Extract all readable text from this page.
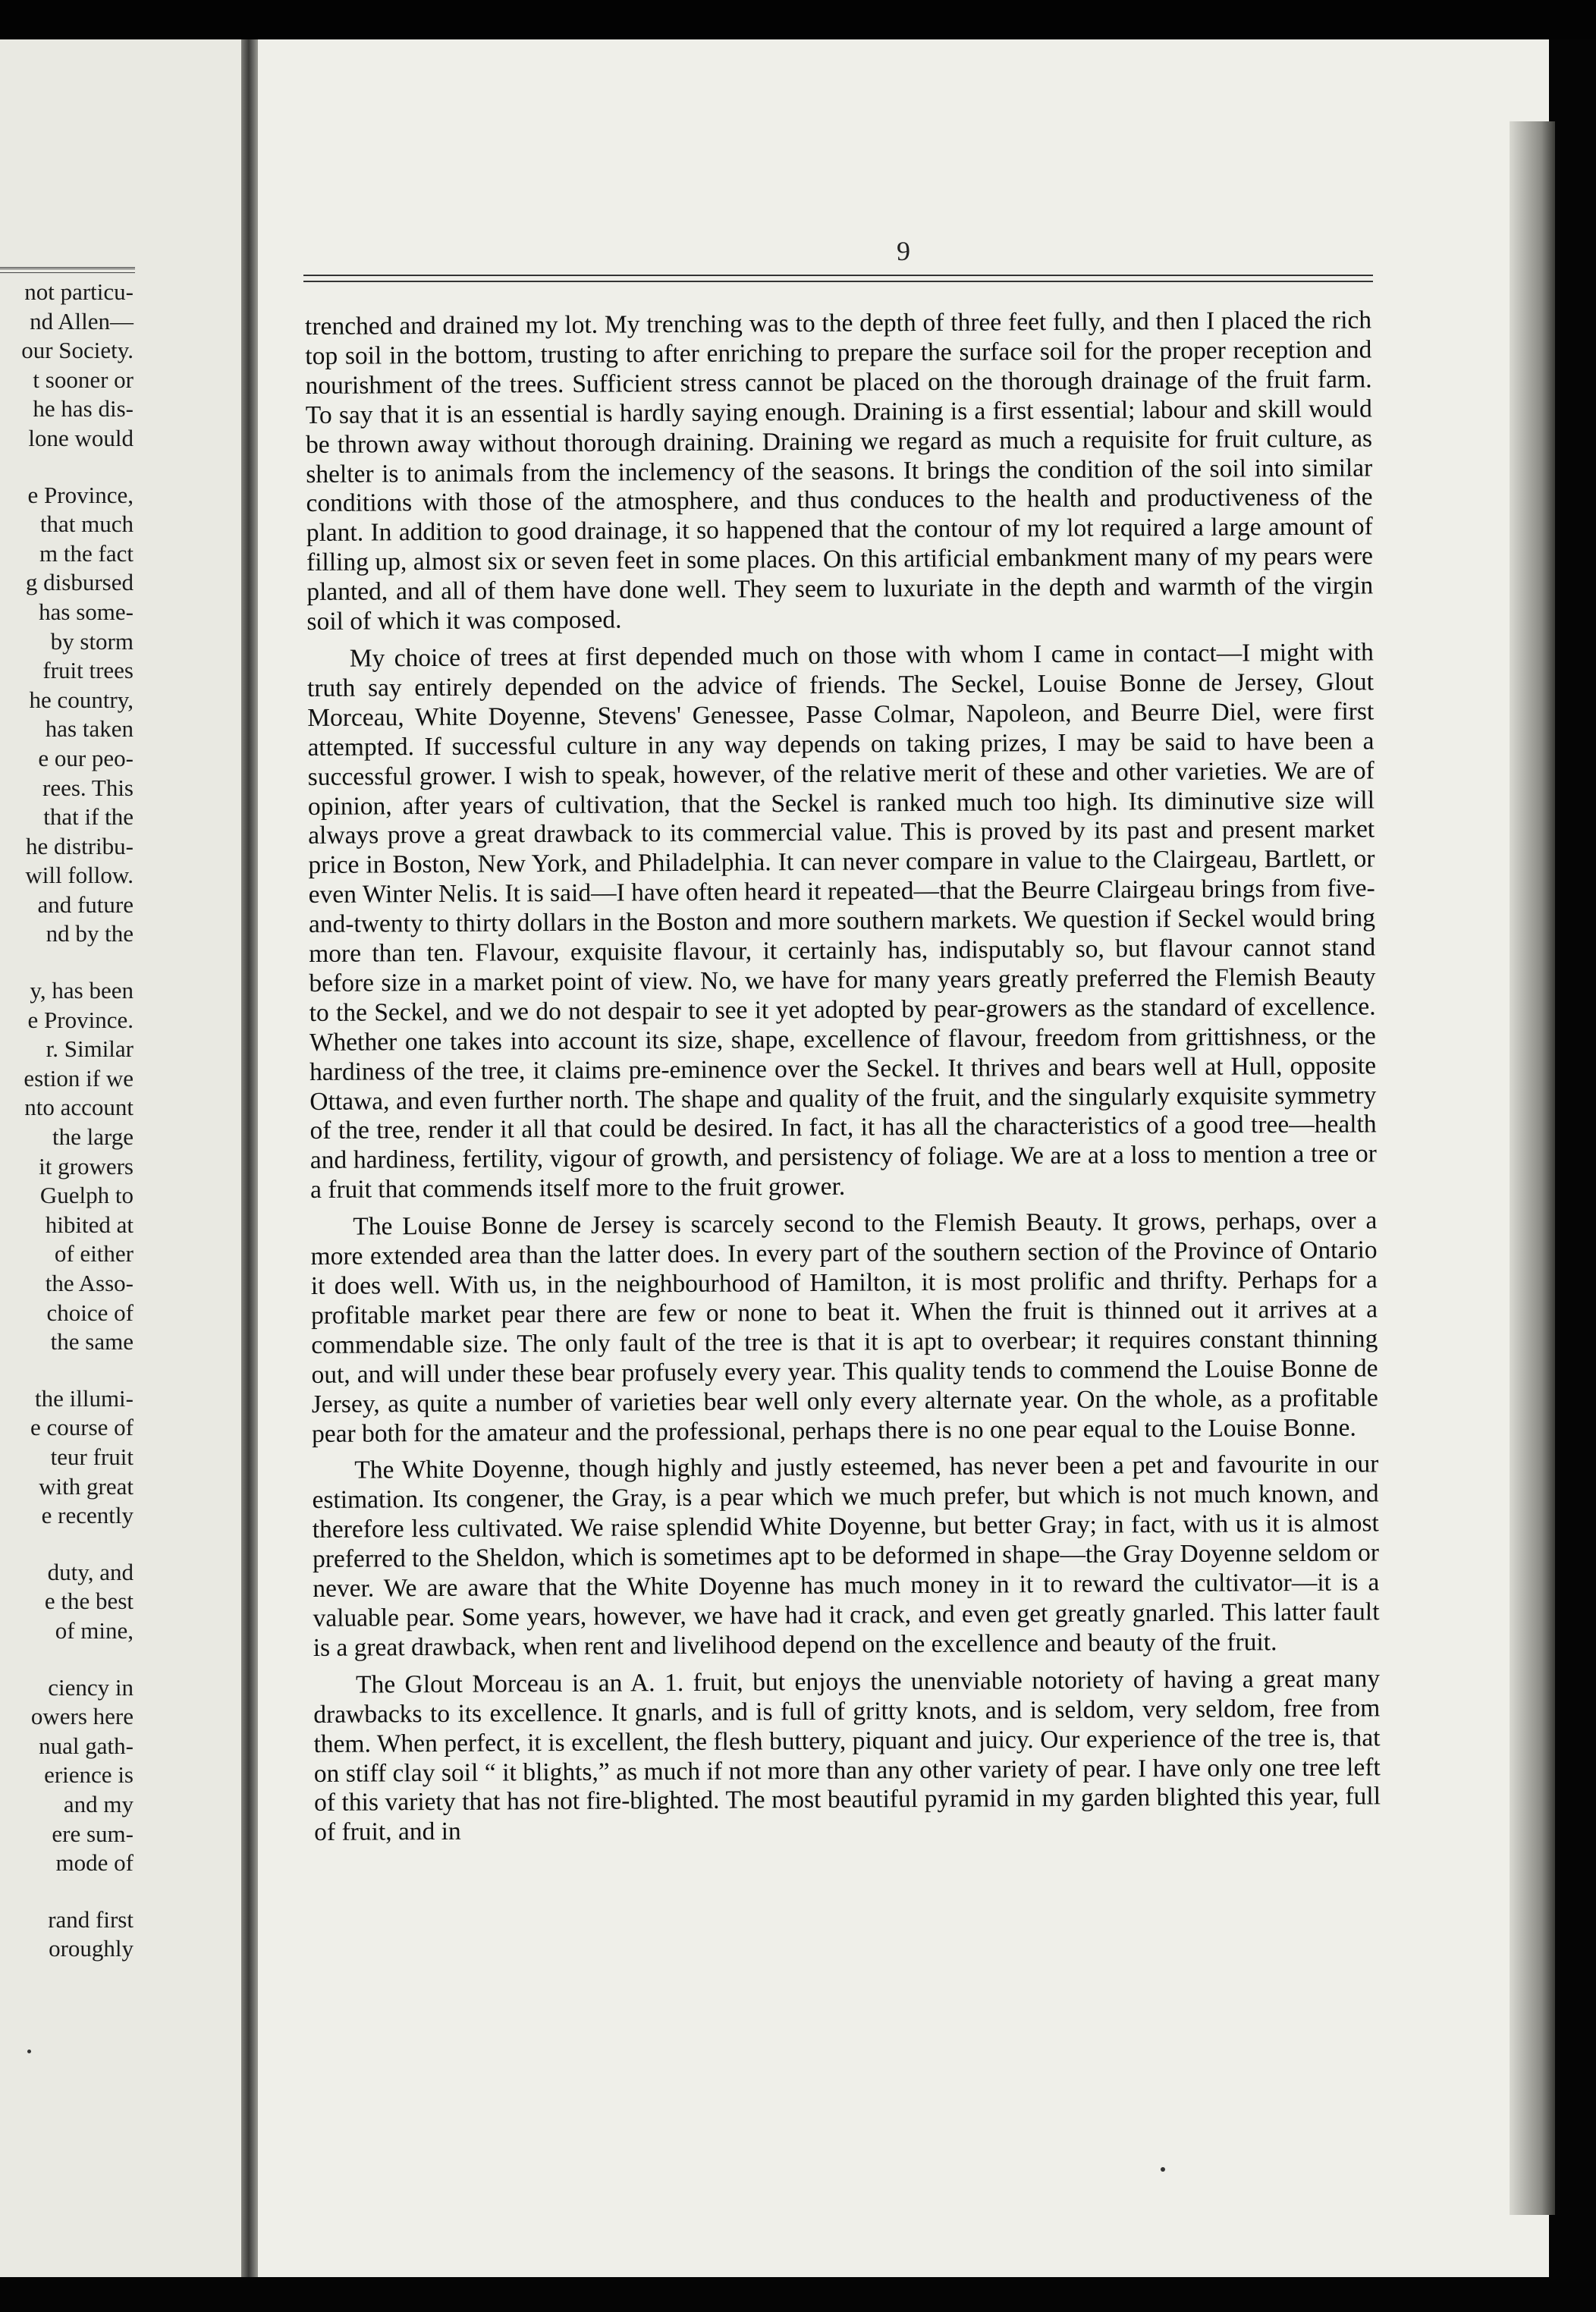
not particu-
nd Allen—
our Society.
t sooner or
he has dis-
lone would
e Province,
that much
m the fact
g disbursed
has some-
by storm
fruit trees
he country,
has taken
e our peo-
rees. This
that if the
he distribu-
will follow.
and future
nd by the
y, has been
e Province.
r. Similar
estion if we
nto account
the large
it growers
Guelph to
hibited at
of either
the Asso-
choice of
the same
the illumi-
e course of
teur fruit
with great
e recently
duty, and
e the best
of mine,
ciency in
owers here
nual gath-
erience is
and my
ere sum-
mode of
rand first
oroughly
9

trenched and drained my lot. My trenching was to the depth of three feet fully, and then I placed the rich top soil in the bottom, trusting to after enriching to prepare the surface soil for the proper reception and nourishment of the trees. Sufficient stress cannot be placed on the thorough drainage of the fruit farm. To say that it is an essential is hardly saying enough. Draining is a first essential; labour and skill would be thrown away without thorough draining. Draining we regard as much a requisite for fruit culture, as shelter is to animals from the inclemency of the seasons. It brings the condition of the soil into similar conditions with those of the atmosphere, and thus conduces to the health and productiveness of the plant. In addition to good drainage, it so happened that the contour of my lot required a large amount of filling up, almost six or seven feet in some places. On this artificial embankment many of my pears were planted, and all of them have done well. They seem to luxuriate in the depth and warmth of the virgin soil of which it was composed.

My choice of trees at first depended much on those with whom I came in contact—I might with truth say entirely depended on the advice of friends. The Seckel, Louise Bonne de Jersey, Glout Morceau, White Doyenne, Stevens' Genessee, Passe Colmar, Napoleon, and Beurre Diel, were first attempted. If successful culture in any way depends on taking prizes, I may be said to have been a successful grower. I wish to speak, however, of the relative merit of these and other varieties. We are of opinion, after years of cultivation, that the Seckel is ranked much too high. Its diminutive size will always prove a great drawback to its commercial value. This is proved by its past and present market price in Boston, New York, and Philadelphia. It can never compare in value to the Clairgeau, Bartlett, or even Winter Nelis. It is said—I have often heard it repeated—that the Beurre Clairgeau brings from five-and-twenty to thirty dollars in the Boston and more southern markets. We question if Seckel would bring more than ten. Flavour, exquisite flavour, it certainly has, indisputably so, but flavour cannot stand before size in a market point of view. No, we have for many years greatly preferred the Flemish Beauty to the Seckel, and we do not despair to see it yet adopted by pear-growers as the standard of excellence. Whether one takes into account its size, shape, excellence of flavour, freedom from grittishness, or the hardiness of the tree, it claims pre-eminence over the Seckel. It thrives and bears well at Hull, opposite Ottawa, and even further north. The shape and quality of the fruit, and the singularly exquisite symmetry of the tree, render it all that could be desired. In fact, it has all the characteristics of a good tree—health and hardiness, fertility, vigour of growth, and persistency of foliage. We are at a loss to mention a tree or a fruit that commends itself more to the fruit grower.

The Louise Bonne de Jersey is scarcely second to the Flemish Beauty. It grows, perhaps, over a more extended area than the latter does. In every part of the southern section of the Province of Ontario it does well. With us, in the neighbourhood of Hamilton, it is most prolific and thrifty. Perhaps for a profitable market pear there are few or none to beat it. When the fruit is thinned out it arrives at a commendable size. The only fault of the tree is that it is apt to overbear; it requires constant thinning out, and will under these bear profusely every year. This quality tends to commend the Louise Bonne de Jersey, as quite a number of varieties bear well only every alternate year. On the whole, as a profitable pear both for the amateur and the professional, perhaps there is no one pear equal to the Louise Bonne.

The White Doyenne, though highly and justly esteemed, has never been a pet and favourite in our estimation. Its congener, the Gray, is a pear which we much prefer, but which is not much known, and therefore less cultivated. We raise splendid White Doyenne, but better Gray; in fact, with us it is almost preferred to the Sheldon, which is sometimes apt to be deformed in shape—the Gray Doyenne seldom or never. We are aware that the White Doyenne has much money in it to reward the cultivator—it is a valuable pear. Some years, however, we have had it crack, and even get greatly gnarled. This latter fault is a great drawback, when rent and livelihood depend on the excellence and beauty of the fruit.

The Glout Morceau is an A. 1. fruit, but enjoys the unenviable notoriety of having a great many drawbacks to its excellence. It gnarls, and is full of gritty knots, and is seldom, very seldom, free from them. When perfect, it is excellent, the flesh buttery, piquant and juicy. Our experience of the tree is, that on stiff clay soil “ it blights,” as much if not more than any other variety of pear. I have only one tree left of this variety that has not fire-blighted. The most beautiful pyramid in my garden blighted this year, full of fruit, and in
